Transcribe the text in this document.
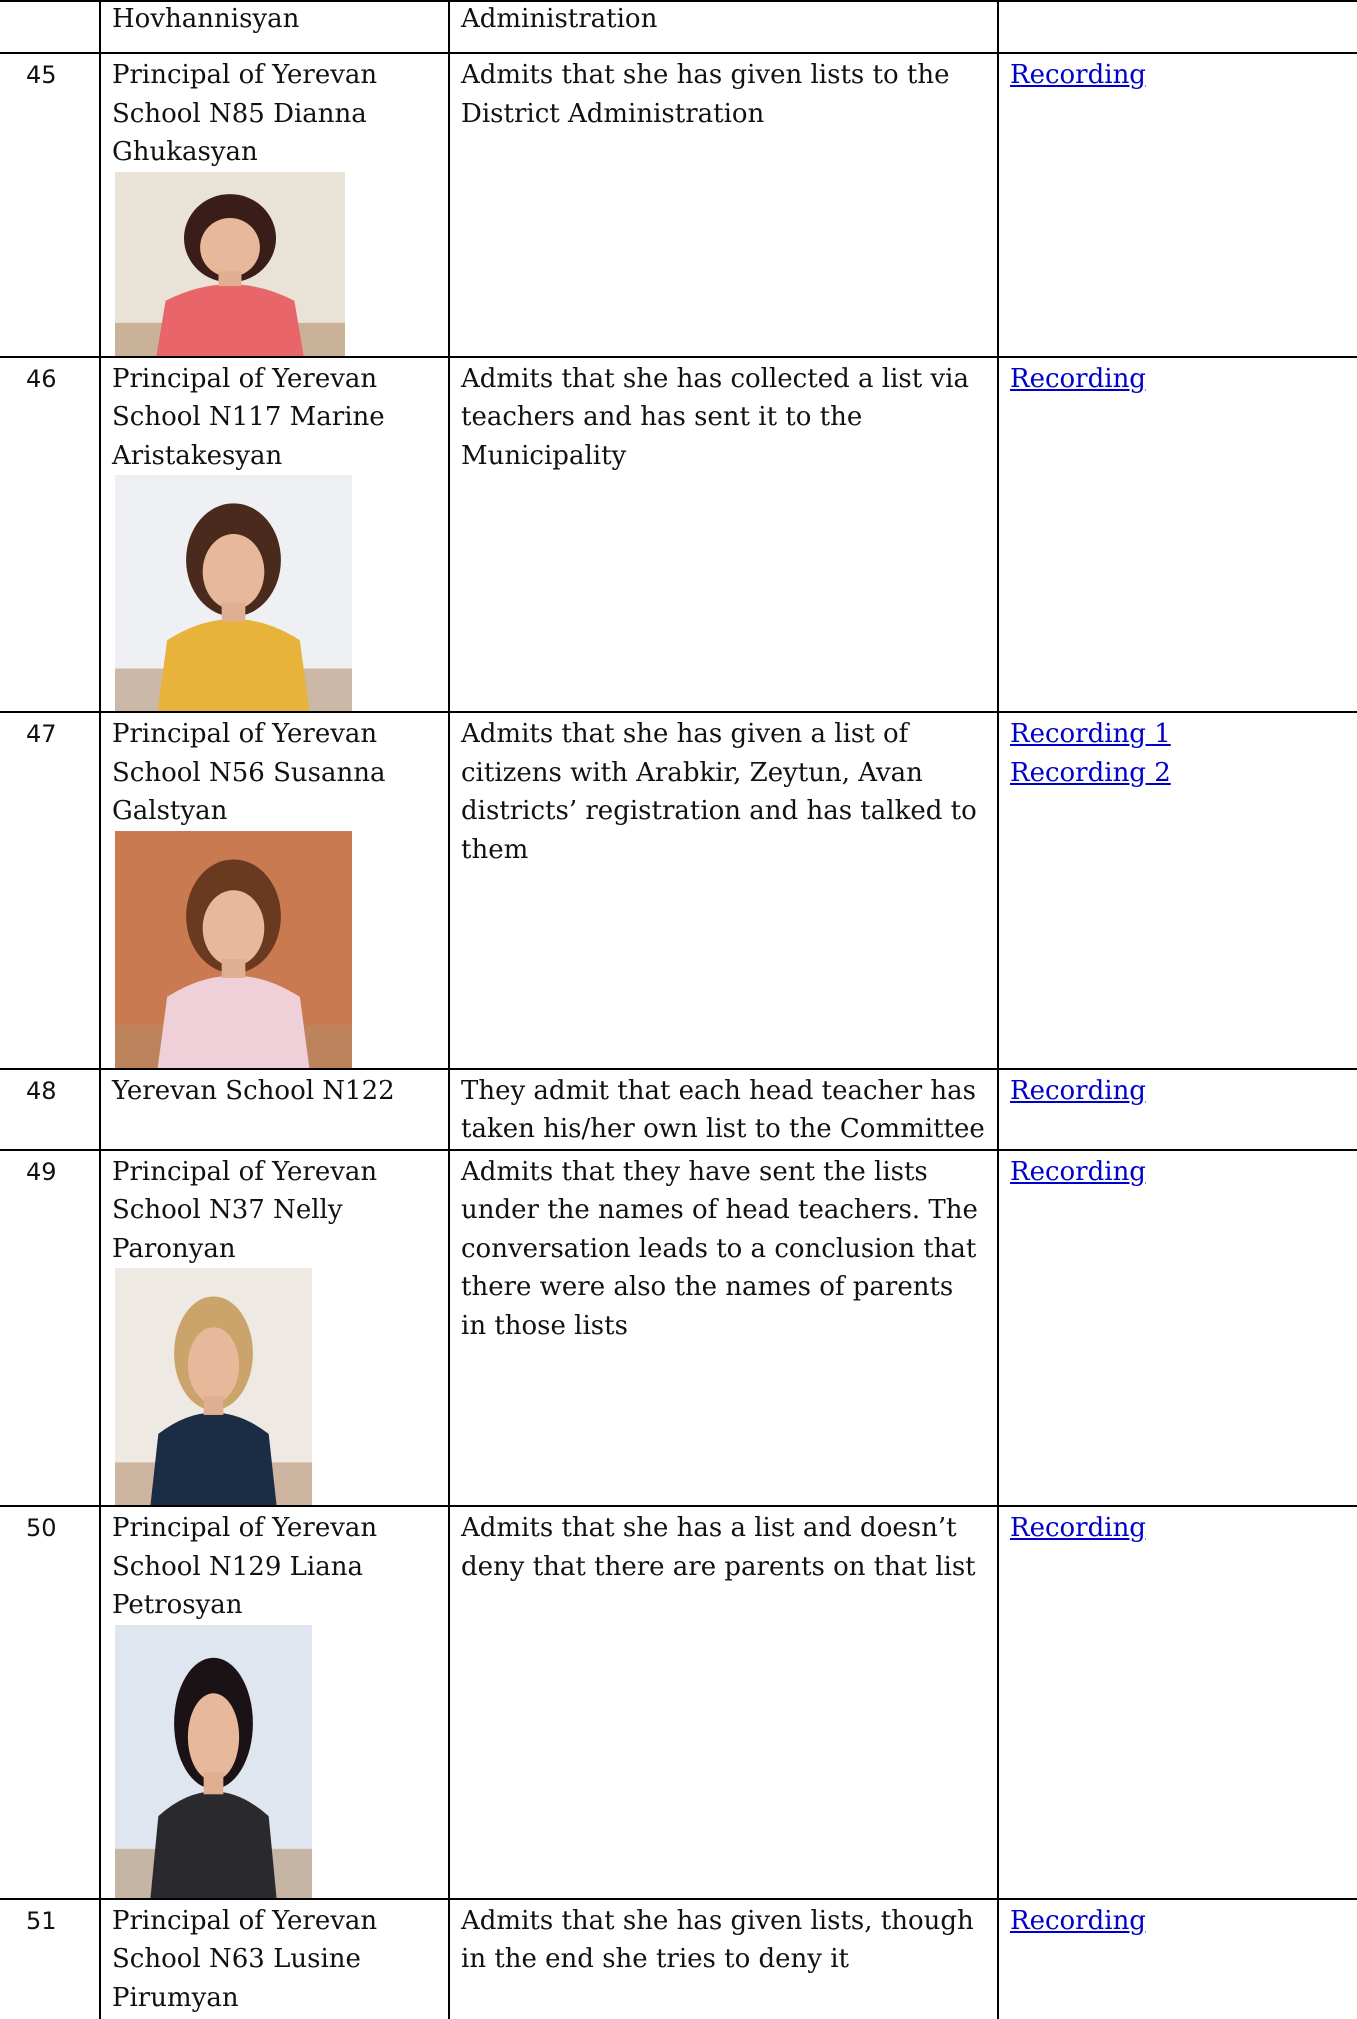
	Hovhannisyan	Administration	

45	Principal of Yerevan School N85 Dianna Ghukasyan	Admits that she has given lists to the District Administration	Recording

46	Principal of Yerevan School N117 Marine Aristakesyan	Admits that she has collected a list via teachers and has sent it to the Municipality	Recording

47	Principal of Yerevan School N56 Susanna Galstyan	Admits that she has given a list of citizens with Arabkir, Zeytun, Avan districts’ registration and has talked to them	Recording 1
Recording 2

48	Yerevan School N122	They admit that each head teacher has taken his/her own list to the Committee	Recording

49	Principal of Yerevan School N37 Nelly Paronyan	Admits that they have sent the lists under the names of head teachers. The conversation leads to a conclusion that there were also the names of parents in those lists	Recording

50	Principal of Yerevan School N129 Liana Petrosyan	Admits that she has a list and doesn’t deny that there are parents on that list	Recording

51	Principal of Yerevan School N63 Lusine Pirumyan	Admits that she has given lists, though in the end she tries to deny it	Recording
